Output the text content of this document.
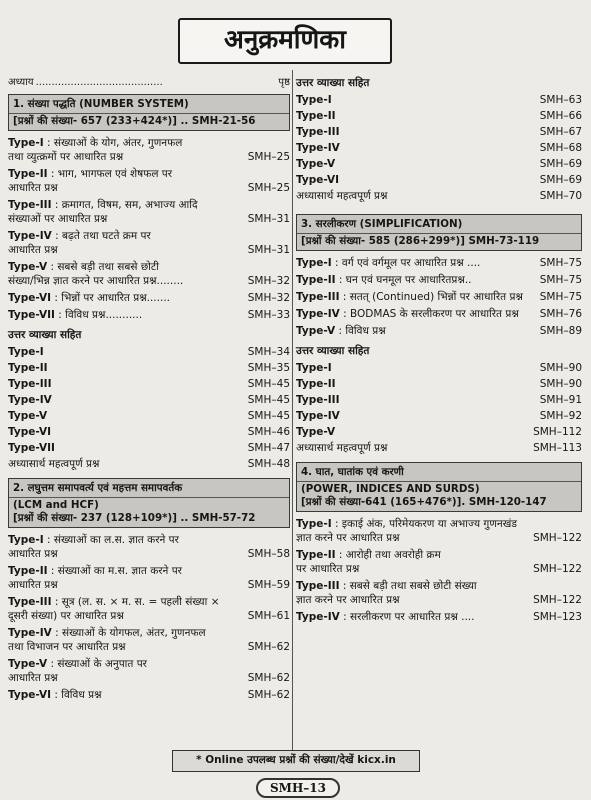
अनुक्रमणिका
अध्याय ........................................	पृष्ठ
1. संख्या पद्धति (NUMBER SYSTEM)
[प्रश्नों की संख्या- 657 (233+424*)] .. SMH-21-56
Type-I : संख्याओं के योग, अंतर, गुणनफल
तथा व्युत्क्रमों पर आधारित प्रश्न	SMH–25
Type-II : भाग, भागफल एवं शेषफल पर
आधारित प्रश्न	SMH–25
Type-III : क्रमागत, विषम, सम, अभाज्य आदि
संख्याओं पर आधारित प्रश्न	SMH–31
Type-IV : बढ़ते तथा घटते क्रम पर
आधारित प्रश्न	SMH–31
Type-V : सबसे बड़ी तथा सबसे छोटी
संख्या/भिन्न ज्ञात करने पर आधारित प्रश्न........	SMH–32
Type-VI : भिन्नों पर आधारित प्रश्न.......	SMH–32
Type-VII : विविध प्रश्न...........	SMH–33
उत्तर व्याख्या सहित
Type-I	SMH–34
Type-II	SMH–35
Type-III	SMH–45
Type-IV	SMH–45
Type-V	SMH–45
Type-VI	SMH–46
Type-VII	SMH–47
अध्यासार्थ महत्वपूर्ण प्रश्न	SMH–48
2. लघुत्तम समापवर्त्य एवं महत्तम समापवर्तक
(LCM and HCF)
[प्रश्नों की संख्या- 237 (128+109*)] .. SMH-57-72
Type-I : संख्याओं का ल.स. ज्ञात करने पर
आधारित प्रश्न	SMH–58
Type-II : संख्याओं का म.स. ज्ञात करने पर
आधारित प्रश्न	SMH–59
Type-III : सूत्र (ल. स. × म. स. = पहली संख्या ×
दूसरी संख्या) पर आधारित प्रश्न	SMH–61
Type-IV : संख्याओं के योगफल, अंतर, गुणनफल
तथा विभाजन पर आधारित प्रश्न	SMH–62
Type-V : संख्याओं के अनुपात पर
आधारित प्रश्न	SMH–62
Type-VI : विविध प्रश्न	SMH–62
उत्तर व्याख्या सहित
Type-I	SMH–63
Type-II	SMH–66
Type-III	SMH–67
Type-IV	SMH–68
Type-V	SMH–69
Type-VI	SMH–69
अध्यासार्थ महत्वपूर्ण प्रश्न	SMH–70
3. सरलीकरण (SIMPLIFICATION)
[प्रश्नों की संख्या- 585 (286+299*)] SMH-73-119
Type-I : वर्ग एवं वर्गमूल पर आधारित प्रश्न ....	SMH–75
Type-II : घन एवं घनमूल पर आधारितप्रश्न..	SMH–75
Type-III : सतत् (Continued) भिन्नों पर आधारित प्रश्न SMH–75
Type-IV : BODMAS के सरलीकरण पर आधारित प्रश्न SMH–76
Type-V : विविध प्रश्न	SMH–89
उत्तर व्याख्या सहित
Type-I	SMH–90
Type-II	SMH–90
Type-III	SMH–91
Type-IV	SMH–92
Type-V	SMH–112
अध्यासार्थ महत्वपूर्ण प्रश्न	SMH–113
4. घात, घातांक एवं करणी
(POWER, INDICES AND SURDS)
[प्रश्नों की संख्या-641 (165+476*)]. SMH-120-147
Type-I : इकाई अंक, परिमेयकरण या अभाज्य गुणनखंड
ज्ञात करने पर आधारित प्रश्न	SMH–122
Type-II : आरोही तथा अवरोही क्रम
पर आधारित प्रश्न	SMH–122
Type-III : सबसे बड़ी तथा सबसे छोटी संख्या
ज्ञात करने पर आधारित प्रश्न	SMH–122
Type-IV : सरलीकरण पर आधारित प्रश्न ....	SMH–123
* Online उपलब्ध प्रश्नों की संख्या/देखें kicx.in
SMH–13
